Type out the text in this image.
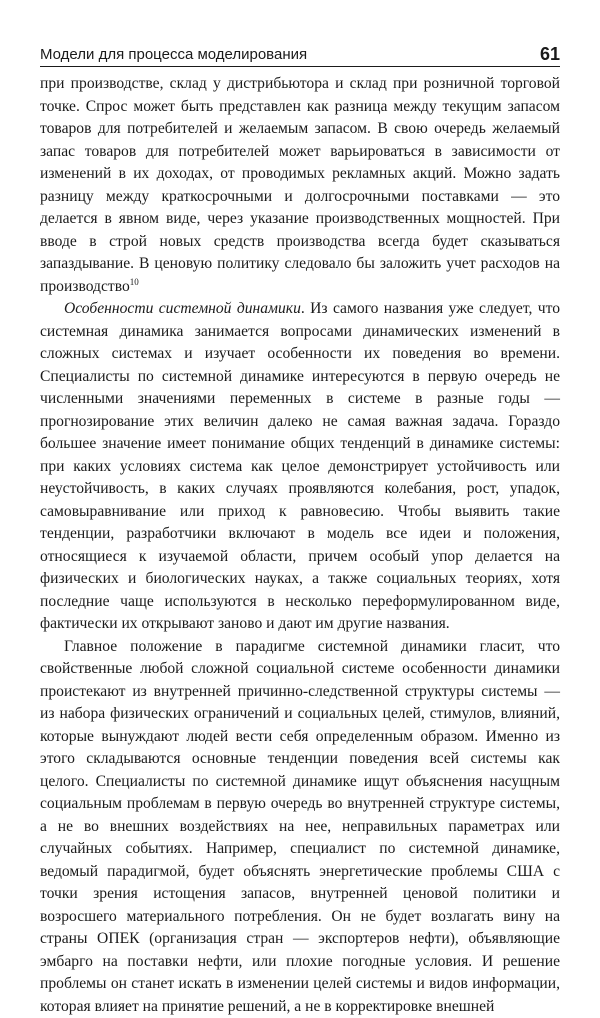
Модели для процесса моделирования	61

при производстве, склад у дистрибьютора и склад при розничной торговой точке. Спрос может быть представлен как разница между текущим запасом товаров для потребителей и желаемым запасом. В свою очередь желаемый запас товаров для потребителей может варьироваться в зависимости от изменений в их доходах, от проводимых рекламных акций. Можно задать разницу между краткосрочными и долгосрочными поставками — это делается в явном виде, через указание производственных мощностей. При вводе в строй новых средств производства всегда будет сказываться запаздывание. В ценовую политику следовало бы заложить учет расходов на производство$^{10}$

Особенности системной динамики. Из самого названия уже следует, что системная динамика занимается вопросами динамических изменений в сложных системах и изучает особенности их поведения во времени. Специалисты по системной динамике интересуются в первую очередь не численными значениями переменных в системе в разные годы — прогнозирование этих величин далеко не самая важная задача. Гораздо большее значение имеет понимание общих тенденций в динамике системы: при каких условиях система как целое демонстрирует устойчивость или неустойчивость, в каких случаях проявляются колебания, рост, упадок, самовыравнивание или приход к равновесию. Чтобы выявить такие тенденции, разработчики включают в модель все идеи и положения, относящиеся к изучаемой области, причем особый упор делается на физических и биологических науках, а также социальных теориях, хотя последние чаще используются в несколько переформулированном виде, фактически их открывают заново и дают им другие названия.

Главное положение в парадигме системной динамики гласит, что свойственные любой сложной социальной системе особенности динамики проистекают из внутренней причинно-следственной структуры системы — из набора физических ограничений и социальных целей, стимулов, влияний, которые вынуждают людей вести себя определенным образом. Именно из этого складываются основные тенденции поведения всей системы как целого. Специалисты по системной динамике ищут объяснения насущным социальным проблемам в первую очередь во внутренней структуре системы, а не во внешних воздействиях на нее, неправильных параметрах или случайных событиях. Например, специалист по системной динамике, ведомый парадигмой, будет объяснять энергетические проблемы США с точки зрения истощения запасов, внутренней ценовой политики и возросшего материального потребления. Он не будет возлагать вину на страны ОПЕК (организация стран — экспортеров нефти), объявляющие эмбарго на поставки нефти, или плохие погодные условия. И решение проблемы он станет искать в изменении целей системы и видов информации, которая влияет на принятие решений, а не в корректировке внешней
